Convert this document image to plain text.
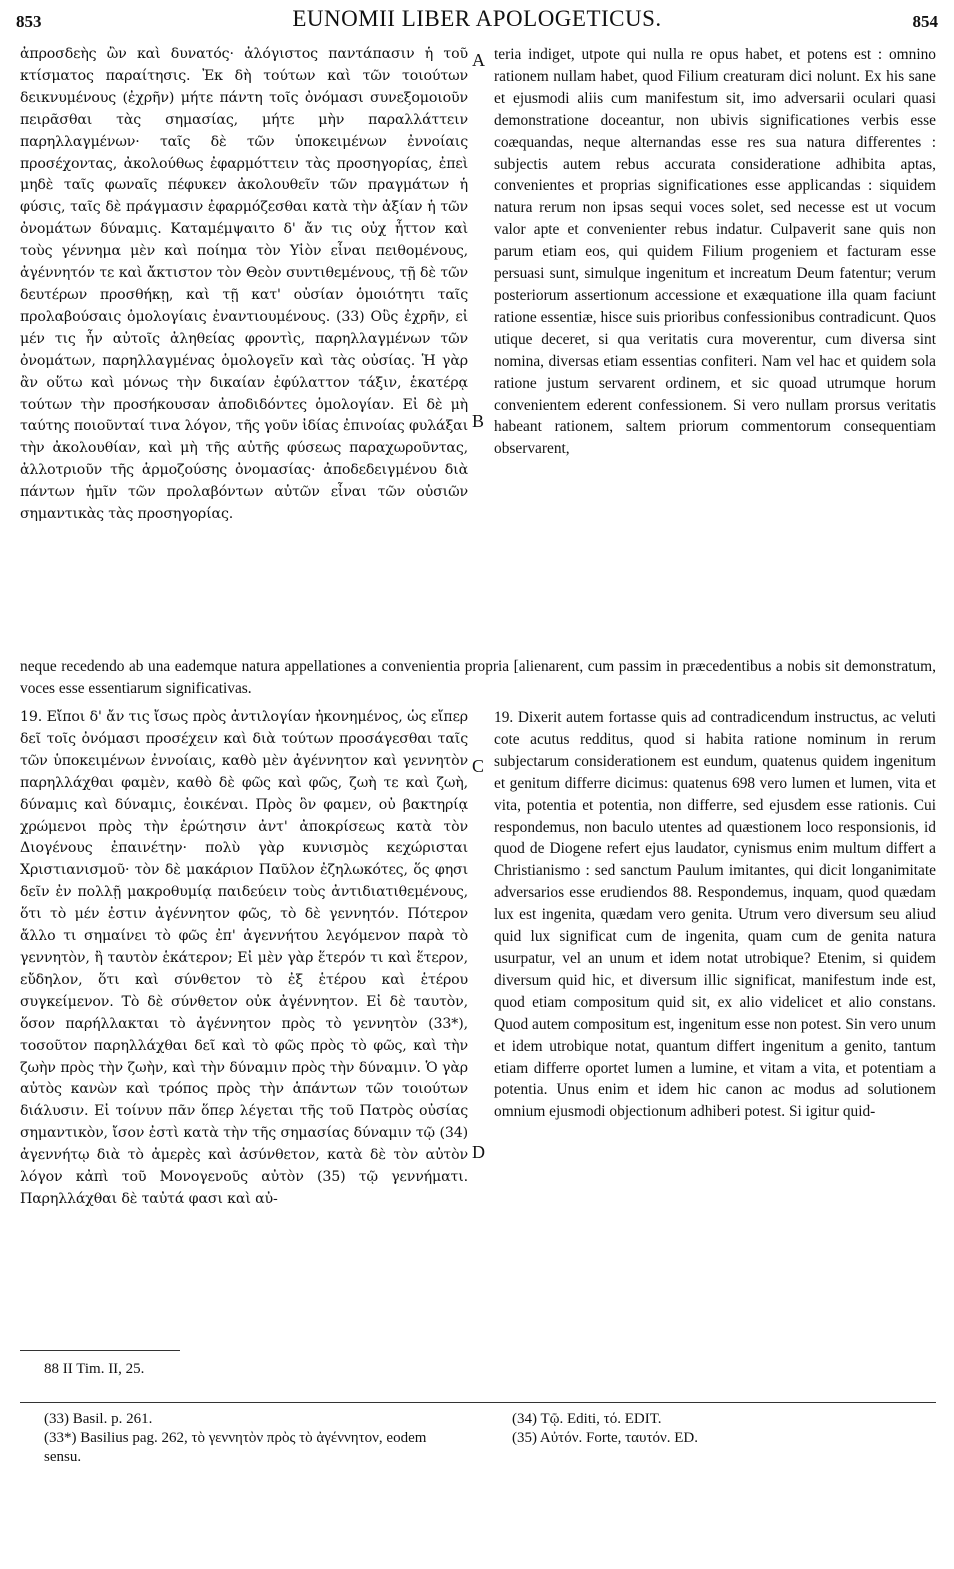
853	EUNOMII LIBER APOLOGETICUS.	854

ἀπροσδεὴς ὢν καὶ δυνατός· ἀλόγιστος παντάπασιν ἡ τοῦ κτίσματος παραίτησις. Ἐκ δὴ τούτων καὶ τῶν τοιούτων δεικνυμένους (ἐχρῆν) μήτε πάντη τοῖς ὀνόμασι συνεξομοιοῦν πειρᾶσθαι τὰς σημασίας, μήτε μὴν παραλλάττειν παρηλλαγμένων· ταῖς δὲ τῶν ὑποκειμένων ἐννοίαις προσέχοντας, ἀκολούθως ἐφαρμόττειν τὰς προσηγορίας, ἐπεὶ μηδὲ ταῖς φωναῖς πέφυκεν ἀκολουθεῖν τῶν πραγμάτων ἡ φύσις, ταῖς δὲ πράγμασιν ἐφαρμόζεσθαι κατὰ τὴν ἀξίαν ἡ τῶν ὀνομάτων δύναμις. Καταμέμψαιτο δ' ἄν τις οὐχ ἧττον καὶ τοὺς γέννημα μὲν καὶ ποίημα τὸν Υἱὸν εἶναι πειθομένους, ἀγέννητόν τε καὶ ἄκτιστον τὸν Θεὸν συντιθεμένους, τῇ δὲ τῶν δευτέρων προσθήκῃ, καὶ τῇ κατ' οὐσίαν ὁμοιότητι ταῖς προλαβούσαις ὁμολογίαις ἐναντιουμένους. (33) Οὓς ἐχρῆν, εἰ μέν τις ἦν αὐτοῖς ἀληθείας φροντὶς, παρηλλαγμένων τῶν ὀνομάτων, παρηλλαγμένας ὁμολογεῖν καὶ τὰς οὐσίας. Ἡ γὰρ ἂν οὕτω καὶ μόνως τὴν δικαίαν ἐφύλαττον τάξιν, ἑκατέρᾳ τούτων τὴν προσήκουσαν ἀποδιδόντες ὁμολογίαν. Εἰ δὲ μὴ ταύτης ποιοῦνταί τινα λόγον, τῆς γοῦν ἰδίας ἐπινοίας φυλάξαι τὴν ἀκολουθίαν, καὶ μὴ τῆς αὐτῆς φύσεως παραχωροῦντας, ἀλλοτριοῦν τῆς ἁρμοζούσης ὀνομασίας· ἀποδεδειγμένου διὰ πάντων ἡμῖν τῶν προλαβόντων αὐτῶν εἶναι τῶν οὐσιῶν σημαντικὰς τὰς προσηγορίας.

teria indiget, utpote qui nulla re opus habet, et potens est : omnino rationem nullam habet, quod Filium creaturam dici nolunt. Ex his sane et ejusmodi aliis cum manifestum sit, imo adversarii oculari quasi demonstratione doceantur, non ubivis significationes verbis esse coæquandas, neque alternandas esse res sua natura differentes : subjectis autem rebus accurata consideratione adhibita aptas, convenientes et proprias significationes esse applicandas : siquidem natura rerum non ipsas sequi voces solet, sed necesse est ut vocum valor apte et convenienter rebus indatur. Culpaverit sane quis non parum etiam eos, qui quidem Filium progeniem et facturam esse persuasi sunt, simulque ingenitum et increatum Deum fatentur; verum posteriorum assertionum accessione et exæquatione illa quam faciunt ratione essentiæ, hisce suis prioribus confessionibus contradicunt. Quos utique deceret, si qua veritatis cura moverentur, cum diversa sint nomina, diversas etiam essentias confiteri. Nam vel hac et quidem sola ratione justum servarent ordinem, et sic quoad utrumque horum convenientem ederent confessionem. Si vero nullam prorsus veritatis habeant rationem, saltem priorum commentorum consequentiam observarent,

A
B

neque recedendo ab una eademque natura appellationes a convenientia propria [alienarent, cum passim in præcedentibus a nobis sit demonstratum, voces esse essentiarum significativas.

19. Εἴποι δ' ἄν τις ἴσως πρὸς ἀντιλογίαν ἠκονημένος, ὡς εἴπερ δεῖ τοῖς ὀνόμασι προσέχειν καὶ διὰ τούτων προσάγεσθαι ταῖς τῶν ὑποκειμένων ἐννοίαις, καθὸ μὲν ἀγέννητον καὶ γεννητὸν παρηλλάχθαι φαμὲν, καθὸ δὲ φῶς καὶ φῶς, ζωὴ τε καὶ ζωὴ, δύναμις καὶ δύναμις, ἐοικέναι. Πρὸς ὃν φαμεν, οὐ βακτηρίᾳ χρώμενοι πρὸς τὴν ἐρώτησιν ἀντ' ἀποκρίσεως κατὰ τὸν Διογένους ἐπαινέτην· πολὺ γὰρ κυνισμὸς κεχώρισται Χριστιανισμοῦ· τὸν δὲ μακάριον Παῦλον ἐζηλωκότες, ὅς φησι δεῖν ἐν πολλῇ μακροθυμίᾳ παιδεύειν τοὺς ἀντιδιατιθεμένους, ὅτι τὸ μέν ἐστιν ἀγέννητον φῶς, τὸ δὲ γεννητόν. Πότερον ἄλλο τι σημαίνει τὸ φῶς ἐπ' ἀγεννήτου λεγόμενον παρὰ τὸ γεννητὸν, ἢ ταυτὸν ἑκάτερον; Εἰ μὲν γὰρ ἕτερόν τι καὶ ἕτερον, εὔδηλον, ὅτι καὶ σύνθετον τὸ ἐξ ἑτέρου καὶ ἑτέρου συγκείμενον. Τὸ δὲ σύνθετον οὐκ ἀγέννητον. Εἰ δὲ ταυτὸν, ὅσον παρήλλακται τὸ ἀγέννητον πρὸς τὸ γεννητὸν (33*), τοσοῦτον παρηλλάχθαι δεῖ καὶ τὸ φῶς πρὸς τὸ φῶς, καὶ τὴν ζωὴν πρὸς τὴν ζωὴν, καὶ τὴν δύναμιν πρὸς τὴν δύναμιν. Ὁ γὰρ αὐτὸς κανὼν καὶ τρόπος πρὸς τὴν ἁπάντων τῶν τοιούτων διάλυσιν. Εἰ τοίνυν πᾶν ὅπερ λέγεται τῆς τοῦ Πατρὸς οὐσίας σημαντικὸν, ἴσον ἐστὶ κατὰ τὴν τῆς σημασίας δύναμιν τῷ (34) ἀγεννήτῳ διὰ τὸ ἀμερὲς καὶ ἀσύνθετον, κατὰ δὲ τὸν αὐτὸν λόγον κἀπὶ τοῦ Μονογενοῦς αὐτὸν (35) τῷ γεννήματι. Παρηλλάχθαι δὲ ταὐτά φασι καὶ αὐ-

19. Dixerit autem fortasse quis ad contradicendum instructus, ac veluti cote acutus redditus, quod si habita ratione nominum in rerum subjectarum considerationem est eundum, quatenus quidem ingenitum et genitum differre dicimus: quatenus 698 vero lumen et lumen, vita et vita, potentia et potentia, non differre, sed ejusdem esse rationis. Cui respondemus, non baculo utentes ad quæstionem loco responsionis, id quod de Diogene refert ejus laudator, cynismus enim multum differt a Christianismo : sed sanctum Paulum imitantes, qui dicit longanimitate adversarios esse erudiendos 88. Respondemus, inquam, quod quædam lux est ingenita, quædam vero genita. Utrum vero diversum seu aliud quid lux significat cum de ingenita, quam cum de genita natura usurpatur, vel an unum et idem notat utrobique? Etenim, si quidem diversum quid hic, et diversum illic significat, manifestum inde est, quod etiam compositum quid sit, ex alio videlicet et alio constans. Quod autem compositum est, ingenitum esse non potest. Sin vero unum et idem utrobique notat, quantum differt ingenitum a genito, tantum etiam differre oportet lumen a lumine, et vitam a vita, et potentiam a potentia. Unus enim et idem hic canon ac modus ad solutionem omnium ejusmodi objectionum adhiberi potest. Si igitur quid-

C
D

88 II Tim. II, 25.

(33) Basil. p. 261.

(33*) Basilius pag. 262, τὸ γεννητὸν πρὸς τὸ ἀγέννητον, eodem sensu.

(34) Τῷ. Editi, τό. EDIT.

(35) Αὐτόν. Forte, ταυτόν. ED.
